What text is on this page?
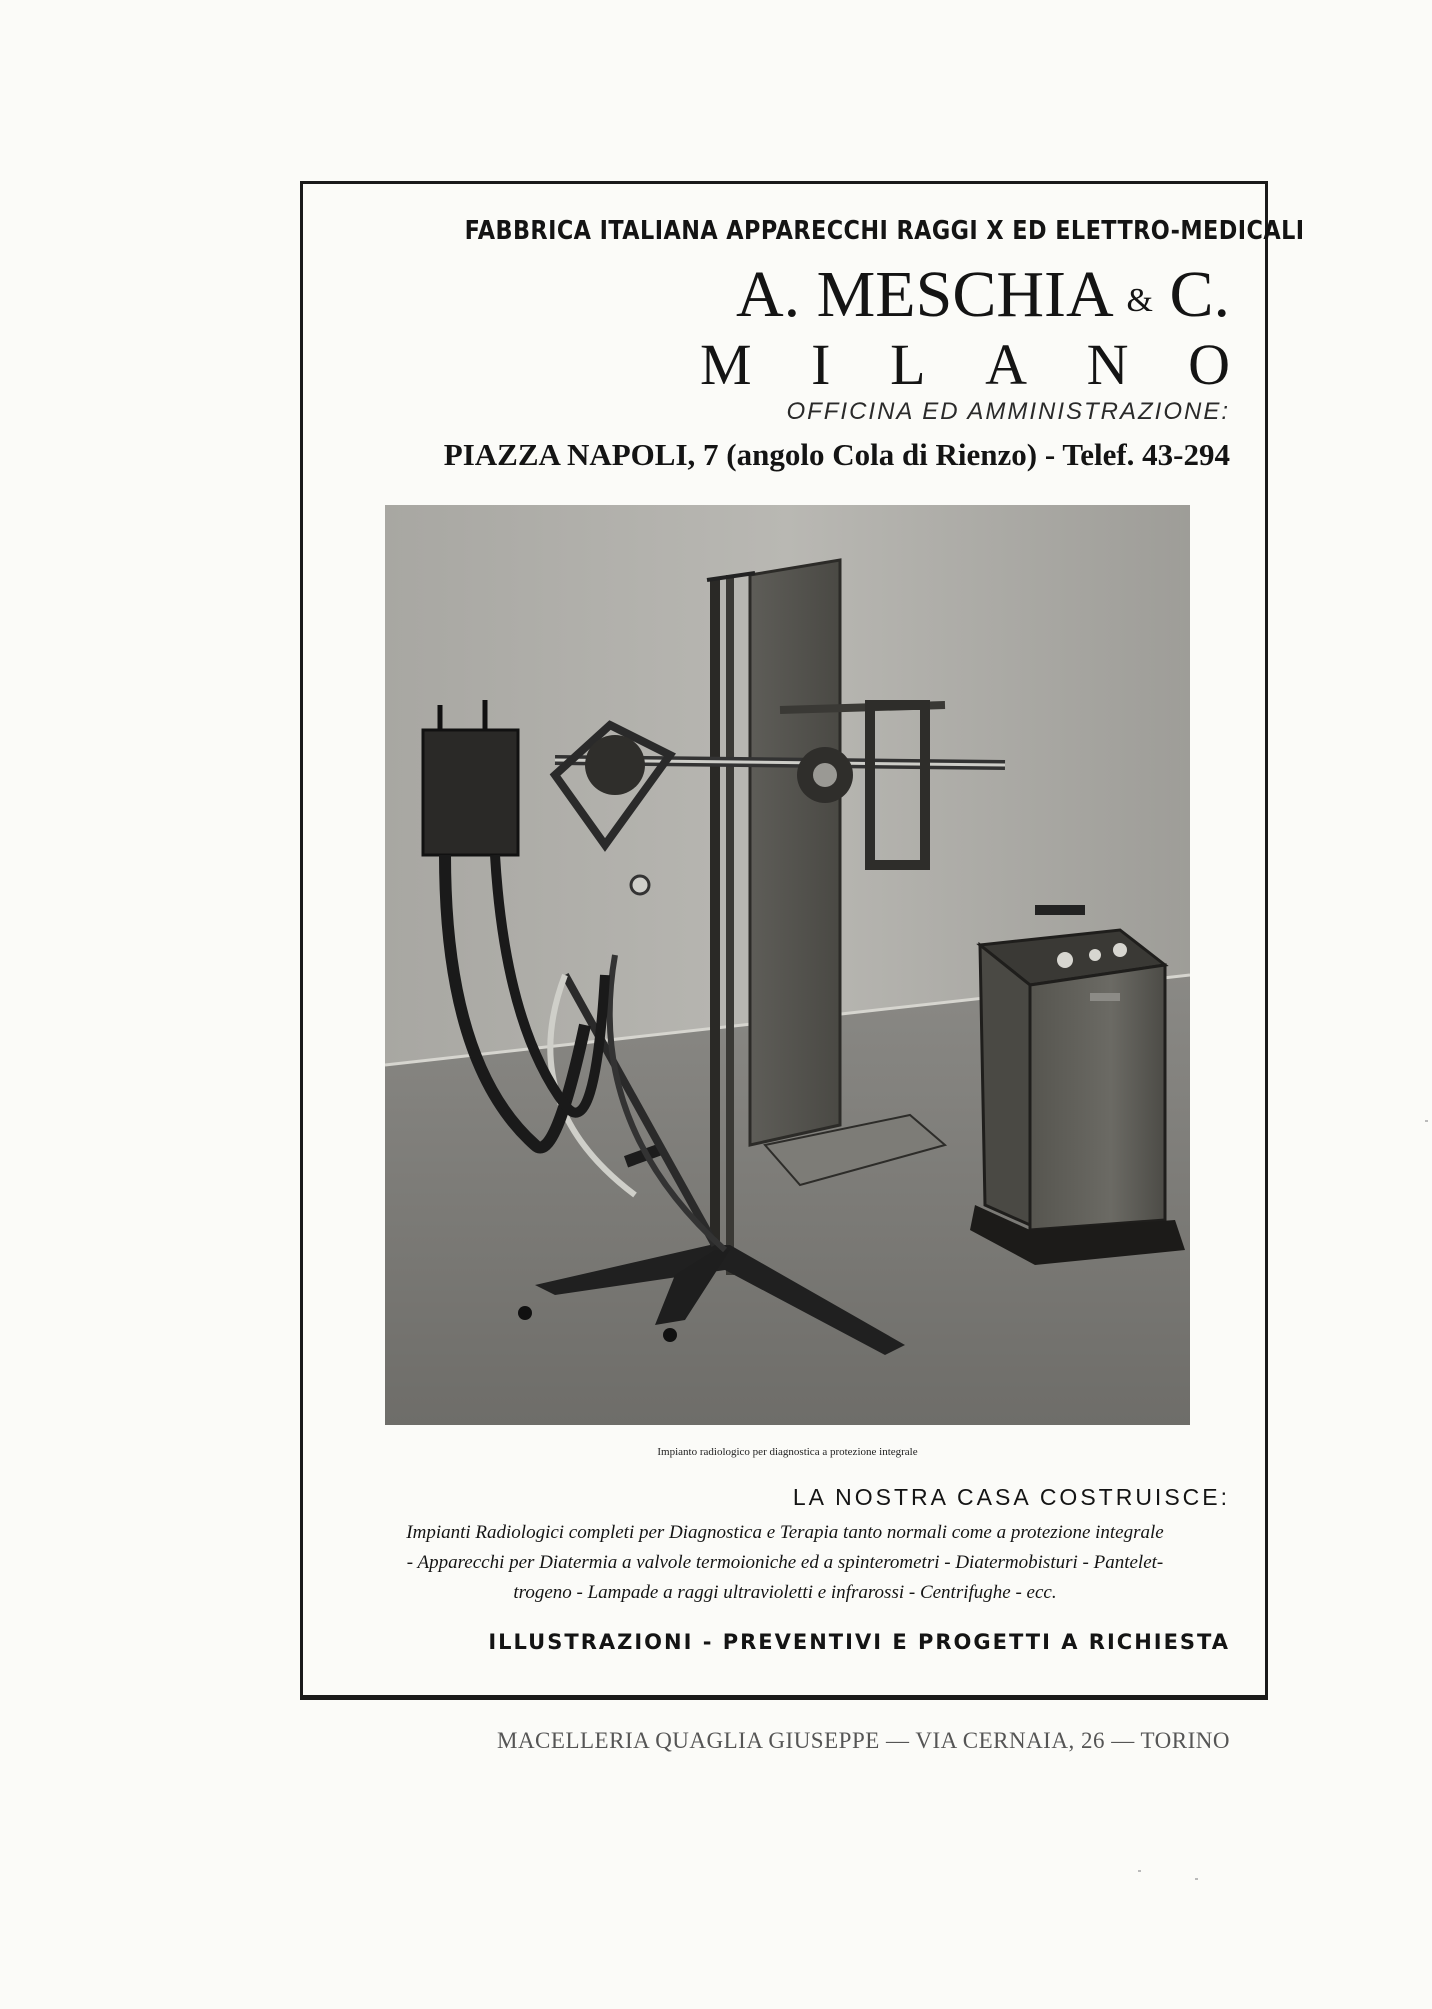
FABBRICA ITALIANA APPARECCHI RAGGI X ED ELETTRO-MEDICALI
A. MESCHIA & C.
M I L A N O
OFFICINA ED AMMINISTRAZIONE:
PIAZZA NAPOLI, 7 (angolo Cola di Rienzo) - Telef. 43-294
Impianto radiologico per diagnostica a protezione integrale
LA NOSTRA CASA COSTRUISCE:
Impianti Radiologici completi per Diagnostica e Terapia tanto normali come a protezione integrale
- Apparecchi per Diatermia a valvole termoioniche ed a spinterometri - Diatermobisturi - Pantelet-
trogeno - Lampade a raggi ultravioletti e infrarossi - Centrifughe - ecc.
ILLUSTRAZIONI - PREVENTIVI E PROGETTI A RICHIESTA
MACELLERIA QUAGLIA GIUSEPPE — VIA CERNAIA, 26 — TORINO
